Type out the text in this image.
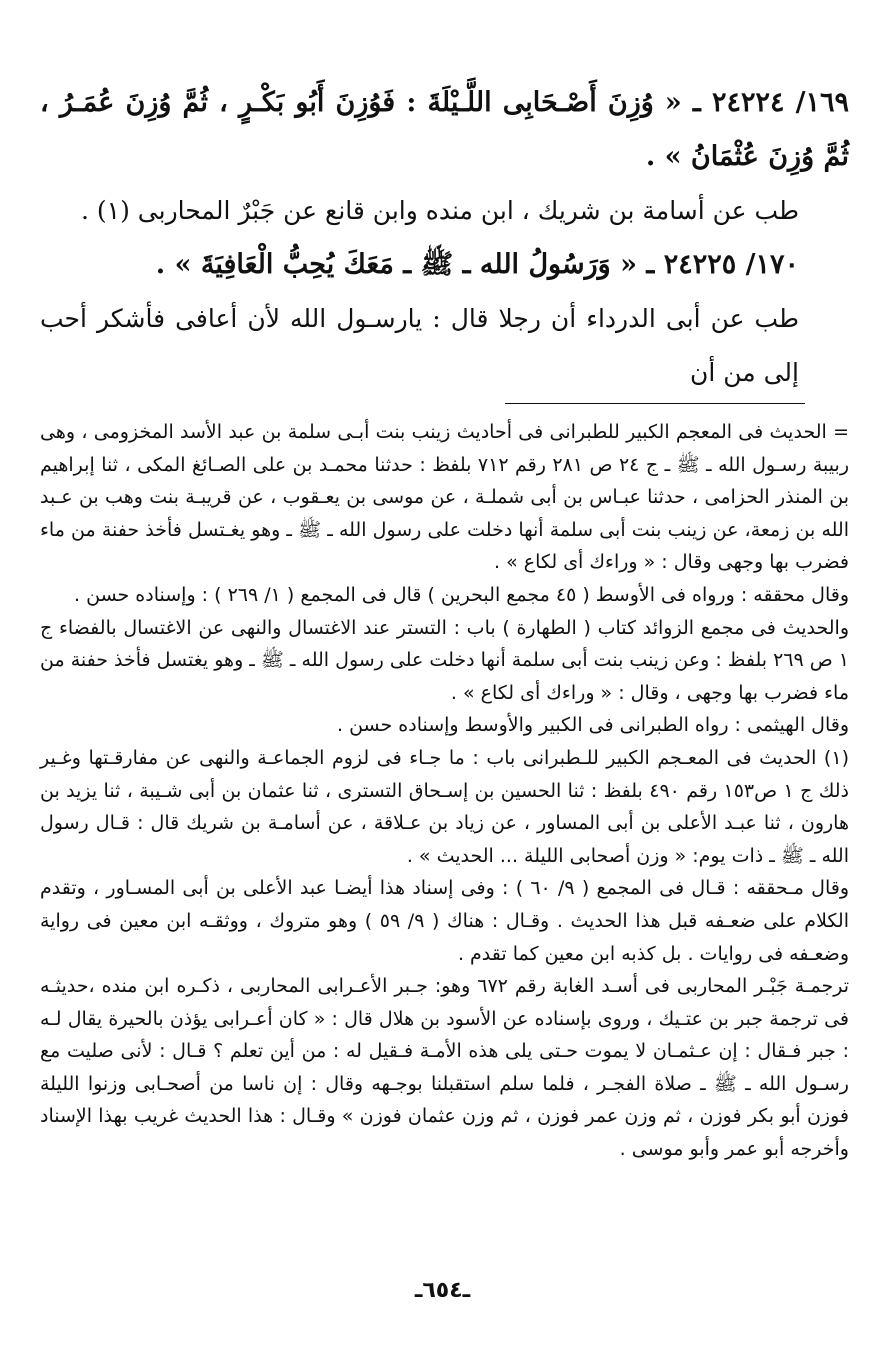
١٦٩/ ٢٤٢٢٤ ـ « وُزِنَ أَصْـحَابِى اللَّـيْلَةَ : فَوُزِنَ أَبُو بَكْـرٍ ، ثُمَّ وُزِنَ عُمَـرُ ، ثُمَّ وُزِنَ عُثْمَانُ » .

طب عن أسامة بن شريك ، ابن منده وابن قانع عن جَبْرٌ المحاربى (١) .

١٧٠/ ٢٤٢٢٥ ـ « وَرَسُولُ الله ـ ﷺ ـ مَعَكَ يُحِبُّ الْعَافِيَةَ » .

طب عن أبى الدرداء أن رجلا قال : يارسـول الله لأن أعافى فأشكر أحب إلى من أن

= الحديث فى المعجم الكبير للطبرانى فى أحاديث زينب بنت أبـى سلمة بن عبد الأسد المخزومى ، وهى ربيبة رسـول الله ـ ﷺ ـ ج ٢٤ ص ٢٨١ رقم ٧١٢ بلفظ : حدثنا محمـد بن على الصـائغ المكى ، ثنا إبراهيم بن المنذر الحزامى ، حدثنا عبـاس بن أبى شملـة ، عن موسى بن يعـقوب ، عن قريبـة بنت وهب بن عـبد الله بن زمعة، عن زينب بنت أبى سلمة أنها دخلت على رسول الله ـ ﷺ ـ وهو يغـتسل فأخذ حفنة من ماء فضرب بها وجهى وقال : « وراءك أى لكاع » .

وقال محققه : ورواه فى الأوسط ( ٤٥ مجمع البحرين ) قال فى المجمع ( ١/ ٢٦٩ ) : وإسناده حسن .

والحديث فى مجمع الزوائد كتاب ( الطهارة ) باب : التستر عند الاغتسال والنهى عن الاغتسال بالفضاء ج ١ ص ٢٦٩ بلفظ : وعن زينب بنت أبى سلمة أنها دخلت على رسول الله ـ ﷺ ـ وهو يغتسل فأخذ حفنة من ماء فضرب بها وجهى ، وقال : « وراءك أى لكاع » .

وقال الهيثمى : رواه الطبرانى فى الكبير والأوسط وإسناده حسن .

(١) الحديث فى المعـجم الكبير للـطبرانى باب : ما جـاء فى لزوم الجماعـة والنهى عن مفارقـتها وغـير ذلك ج ١ ص١٥٣ رقم ٤٩٠ بلفظ : ثنا الحسين بن إسـحاق التسترى ، ثنا عثمان بن أبى شـيبة ، ثنا يزيد بن هارون ، ثنا عبـد الأعلى بن أبى المساور ، عن زياد بن عـلاقة ، عن أسامـة بن شريك قال : قـال رسول الله ـ ﷺ ـ ذات يوم: « وزن أصحابى الليلة ... الحديث » .

وقال مـحققه : قـال فى المجمع ( ٩/ ٦٠ ) : وفى إسناد هذا أيضـا عبد الأعلى بن أبى المسـاور ، وتقدم الكلام على ضعـفه قبل هذا الحديث . وقـال : هناك ( ٩/ ٥٩ ) وهو متروك ، ووثقـه ابن معين فى رواية وضعـفه فى روايات . بل كذبه ابن معين كما تقدم .

ترجمـة جَبْـر المحاربى فى أسـد الغابة رقم ٦٧٢ وهو: جـبر الأعـرابى المحاربى ، ذكـره ابن منده ،حديثـه فى ترجمة جبر بن عتـيك ، وروى بإسناده عن الأسود بن هلال قال : « كان أعـرابى يؤذن بالحيرة يقال لـه : جبر فـقال : إن عـثمـان لا يموت حـتى يلى هذه الأمـة فـقيل له : من أين تعلم ؟ قـال : لأنى صليت مع رسـول الله ـ ﷺ ـ صلاة الفجـر ، فلما سلم استقبلنا بوجـهه وقال : إن ناسا من أصحـابى وزنوا الليلة فوزن أبو بكر فوزن ، ثم وزن عمر فوزن ، ثم وزن عثمان فوزن » وقـال : هذا الحديث غريب بهذا الإسناد وأخرجه أبو عمر وأبو موسى .

ـ٦٥٤ـ
